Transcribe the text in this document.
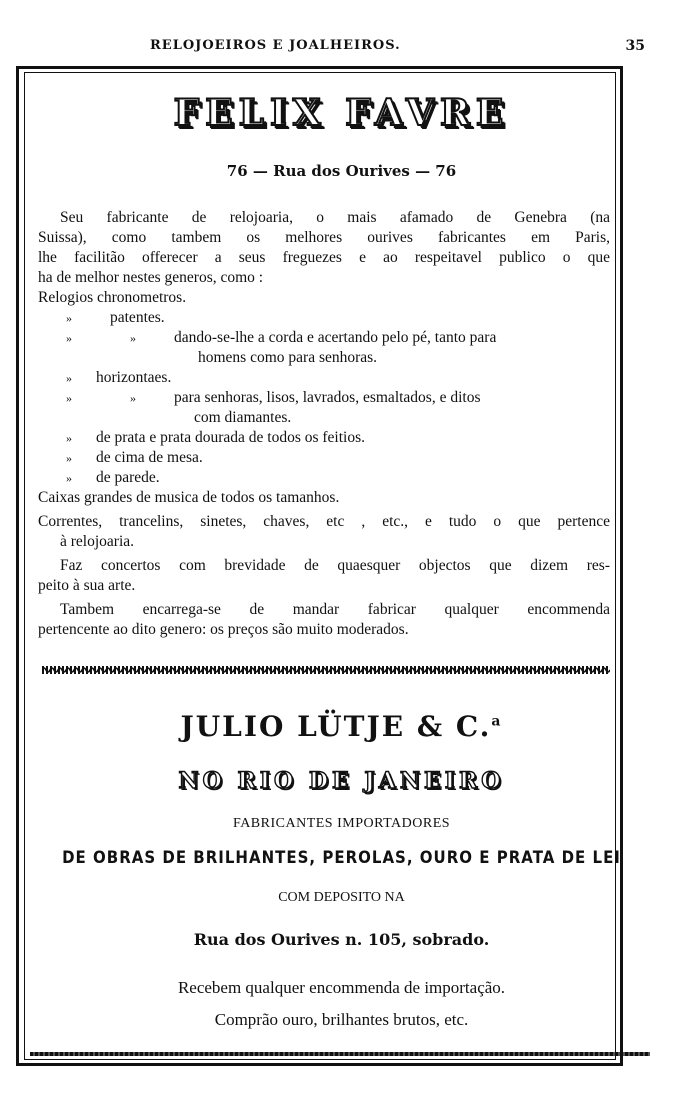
RELOJOEIROS E JOALHEIROS.	35
FELIX FAVRE
76 — Rua dos Ourives — 76
Seu fabricante de relojoaria, o mais afamado de Genebra (na
Suissa), como tambem os melhores ourives fabricantes em Paris,
lhe facilitão offerecer a seus freguezes e ao respeitavel publico o que
ha de melhor nestes generos, como :
Relogios chronometros.
» patentes.
»	» dando-se-lhe a corda e acertando pelo pé, tanto para
homens como para senhoras.
» horizontaes.
»	» para senhoras, lisos, lavrados, esmaltados, e ditos
com diamantes.
» de prata e prata dourada de todos os feitios.
» de cima de mesa.
» de parede.
Caixas grandes de musica de todos os tamanhos.
Correntes, trancelins, sinetes, chaves, etc , etc., e tudo o que pertence
à relojoaria.
Faz concertos com brevidade de quaesquer objectos que dizem res-
peito à sua arte.
Tambem encarrega-se de mandar fabricar qualquer encommenda
pertencente ao dito genero: os preços são muito moderados.
JULIO LÜTJE & C.$^a$
NO RIO DE JANEIRO
FABRICANTES IMPORTADORES
DE OBRAS DE BRILHANTES, PEROLAS, OURO E PRATA DE LEI
COM DEPOSITO NA
Rua dos Ourives n. 105, sobrado.
Recebem qualquer encommenda de importação.
Comprão ouro, brilhantes brutos, etc.
